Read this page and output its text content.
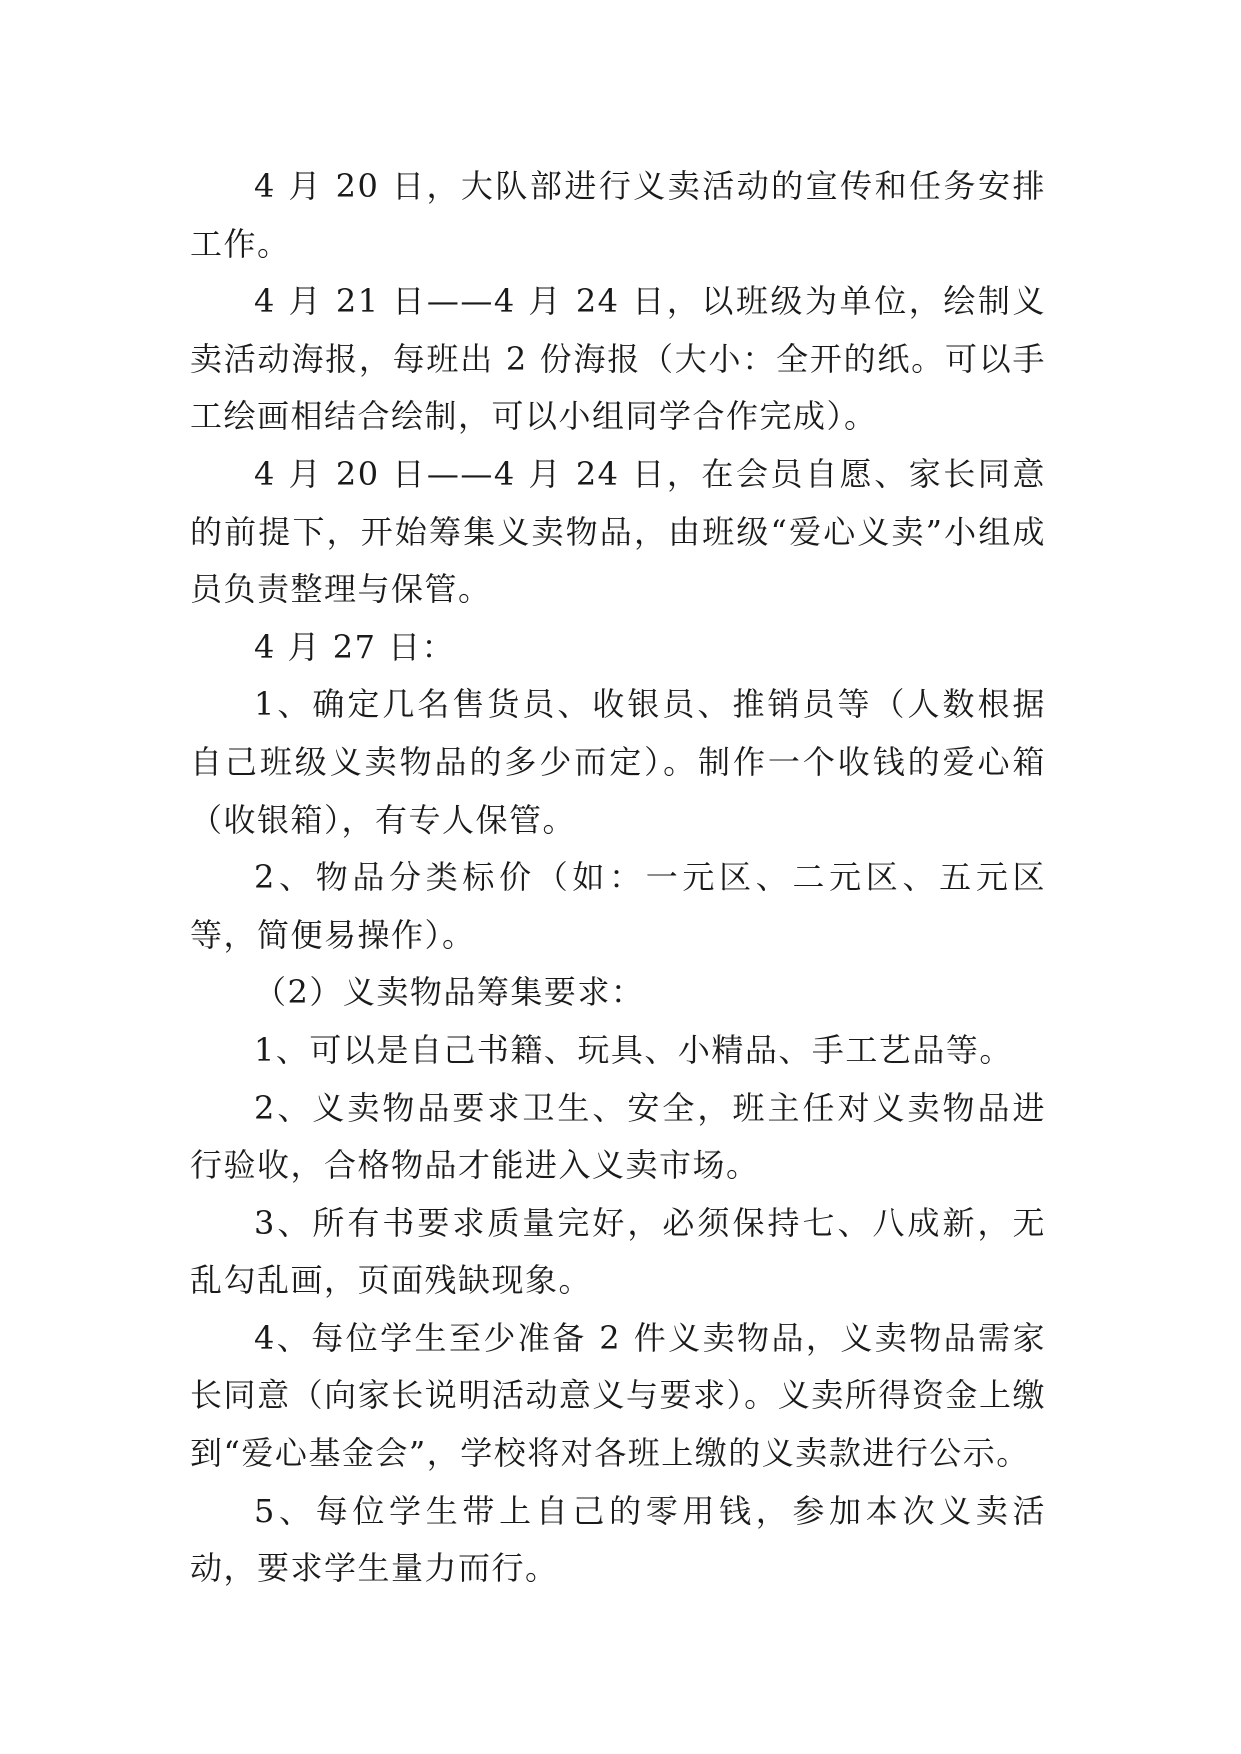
4 月 20 日，大队部进行义卖活动的宣传和任务安排工作。

4 月 21 日——4 月 24 日，以班级为单位，绘制义卖活动海报，每班出 2 份海报（大小：全开的纸。可以手工绘画相结合绘制，可以小组同学合作完成）。

4 月 20 日——4 月 24 日，在会员自愿、家长同意的前提下，开始筹集义卖物品，由班级“爱心义卖”小组成员负责整理与保管。

4 月 27 日：

1、确定几名售货员、收银员、推销员等（人数根据自己班级义卖物品的多少而定）。制作一个收钱的爱心箱（收银箱），有专人保管。

2、物品分类标价（如：一元区、二元区、五元区等，简便易操作）。

（2）义卖物品筹集要求：

1、可以是自己书籍、玩具、小精品、手工艺品等。

2、义卖物品要求卫生、安全，班主任对义卖物品进行验收，合格物品才能进入义卖市场。

3、所有书要求质量完好，必须保持七、八成新，无乱勾乱画，页面残缺现象。

4、每位学生至少准备 2 件义卖物品，义卖物品需家长同意（向家长说明活动意义与要求）。义卖所得资金上缴到“爱心基金会”，学校将对各班上缴的义卖款进行公示。

5、每位学生带上自己的零用钱，参加本次义卖活动，要求学生量力而行。
